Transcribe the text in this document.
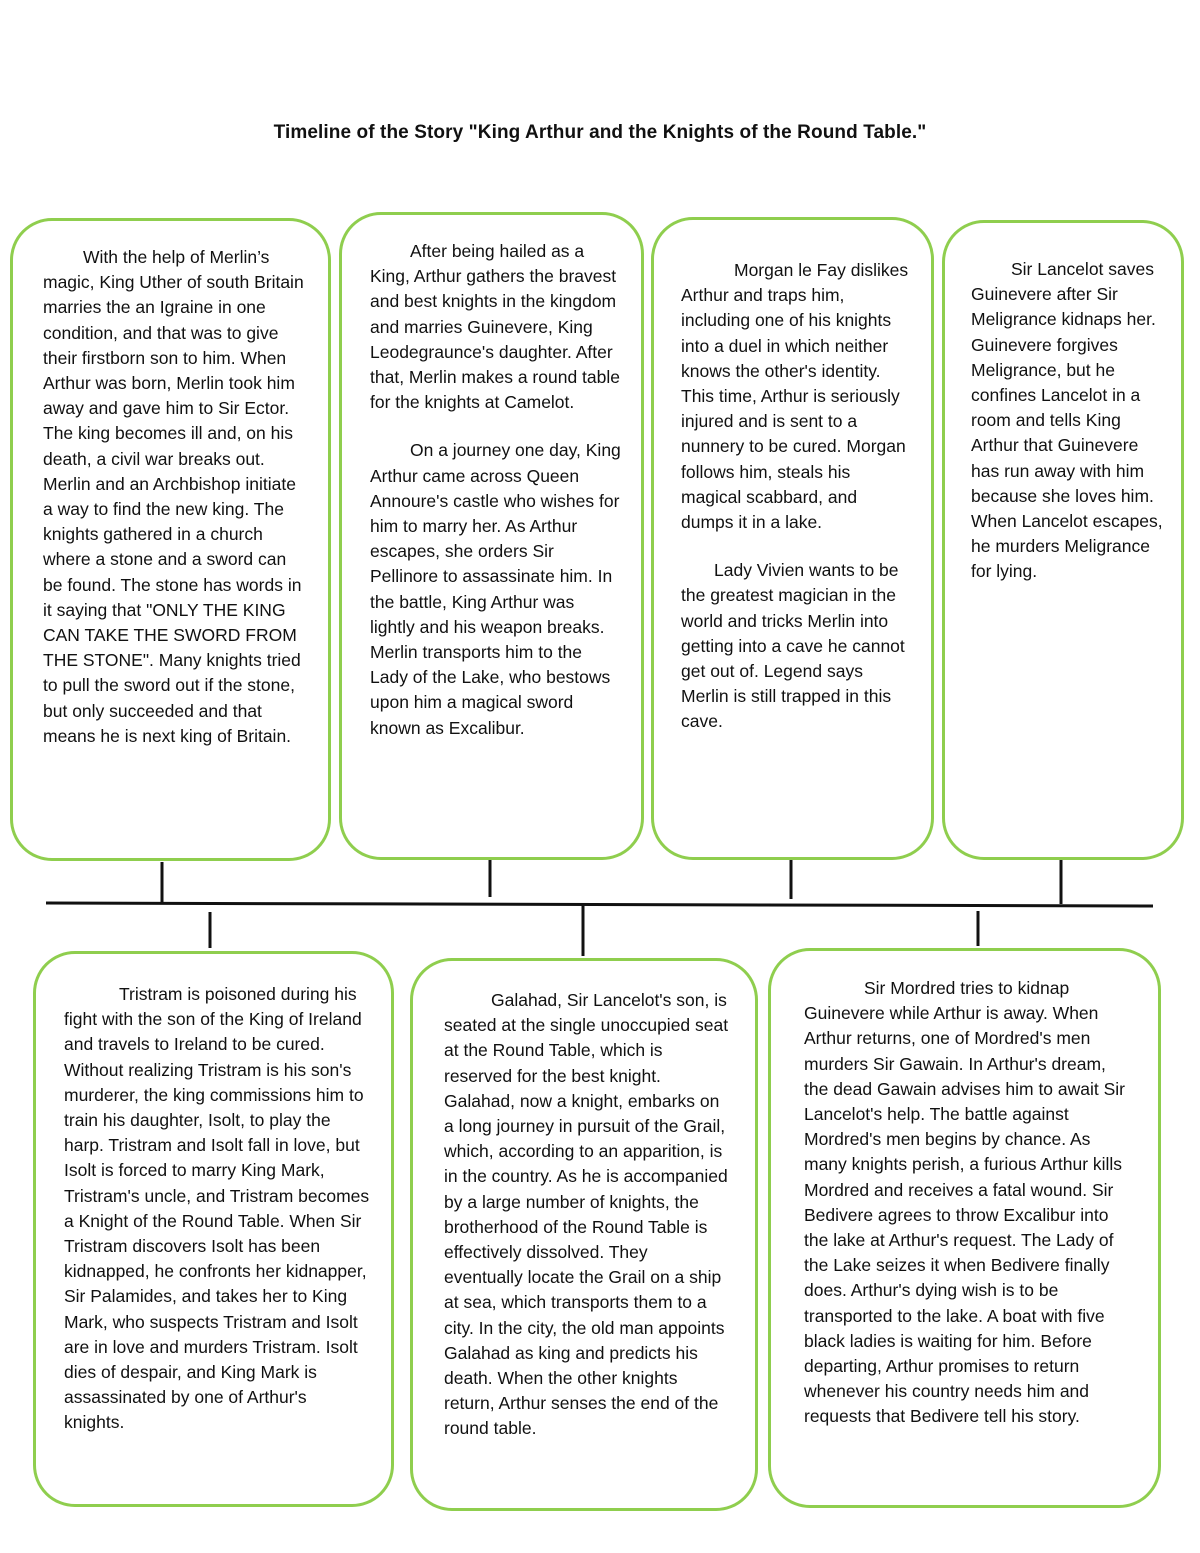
Timeline of the Story "King Arthur and the Knights of the Round Table."

With the help of Merlin’s magic, King Uther of south Britain marries the an Igraine in one condition, and that was to give their firstborn son to him. When Arthur was born, Merlin took him away and gave him to Sir Ector. The king becomes ill and, on his death, a civil war breaks out. Merlin and an Archbishop initiate a way to find the new king. The knights gathered in a church where a stone and a sword can be found. The stone has words in it saying that "ONLY THE KING CAN TAKE THE SWORD FROM THE STONE". Many knights tried to pull the sword out if the stone, but only succeeded and that means he is next king of Britain.

After being hailed as a King, Arthur gathers the bravest and best knights in the kingdom and marries Guinevere, King Leodegraunce's daughter. After that, Merlin makes a round table for the knights at Camelot.

On a journey one day, King Arthur came across Queen Annoure's castle who wishes for him to marry her. As Arthur escapes, she orders Sir Pellinore to assassinate him. In the battle, King Arthur was lightly and his weapon breaks. Merlin transports him to the Lady of the Lake, who bestows upon him a magical sword known as Excalibur.

Morgan le Fay dislikes Arthur and traps him, including one of his knights into a duel in which neither knows the other's identity. This time, Arthur is seriously injured and is sent to a nunnery to be cured. Morgan follows him, steals his magical scabbard, and dumps it in a lake.

Lady Vivien wants to be the greatest magician in the world and tricks Merlin into getting into a cave he cannot get out of. Legend says Merlin is still trapped in this cave.

Sir Lancelot saves Guinevere after Sir Meligrance kidnaps her. Guinevere forgives Meligrance, but he confines Lancelot in a room and tells King Arthur that Guinevere has run away with him because she loves him. When Lancelot escapes, he murders Meligrance for lying.

Tristram is poisoned during his fight with the son of the King of Ireland and travels to Ireland to be cured. Without realizing Tristram is his son's murderer, the king commissions him to train his daughter, Isolt, to play the harp. Tristram and Isolt fall in love, but Isolt is forced to marry King Mark, Tristram's uncle, and Tristram becomes a Knight of the Round Table. When Sir Tristram discovers Isolt has been kidnapped, he confronts her kidnapper, Sir Palamides, and takes her to King Mark, who suspects Tristram and Isolt are in love and murders Tristram. Isolt dies of despair, and King Mark is assassinated by one of Arthur's knights.

Galahad, Sir Lancelot's son, is seated at the single unoccupied seat at the Round Table, which is reserved for the best knight. Galahad, now a knight, embarks on a long journey in pursuit of the Grail, which, according to an apparition, is in the country. As he is accompanied by a large number of knights, the brotherhood of the Round Table is effectively dissolved. They eventually locate the Grail on a ship at sea, which transports them to a city. In the city, the old man appoints Galahad as king and predicts his death. When the other knights return, Arthur senses the end of the round table.

Sir Mordred tries to kidnap Guinevere while Arthur is away. When Arthur returns, one of Mordred's men murders Sir Gawain. In Arthur's dream, the dead Gawain advises him to await Sir Lancelot's help. The battle against Mordred's men begins by chance. As many knights perish, a furious Arthur kills Mordred and receives a fatal wound. Sir Bedivere agrees to throw Excalibur into the lake at Arthur's request. The Lady of the Lake seizes it when Bedivere finally does. Arthur's dying wish is to be transported to the lake. A boat with five black ladies is waiting for him. Before departing, Arthur promises to return whenever his country needs him and requests that Bedivere tell his story.
